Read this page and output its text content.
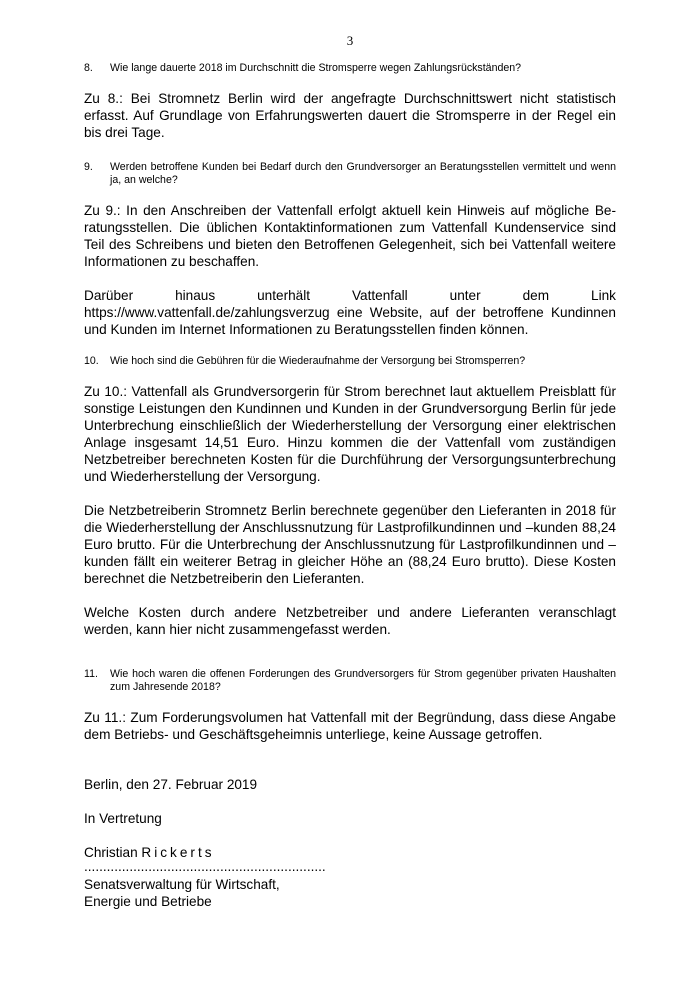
3
8.	Wie lange dauerte 2018 im Durchschnitt die Stromsperre wegen Zahlungsrückständen?

Zu 8.: Bei Stromnetz Berlin wird der angefragte Durchschnittswert nicht statistisch erfasst. Auf Grundlage von Erfahrungswerten dauert die Stromsperre in der Regel ein bis drei Tage.

9.	Werden betroffene Kunden bei Bedarf durch den Grundversorger an Beratungsstellen vermittelt und wenn ja, an welche?

Zu 9.: In den Anschreiben der Vattenfall erfolgt aktuell kein Hinweis auf mögliche Beratungsstellen. Die üblichen Kontaktinformationen zum Vattenfall Kundenservice sind Teil des Schreibens und bieten den Betroffenen Gelegenheit, sich bei Vattenfall weitere Informationen zu beschaffen.

Darüber	hinaus	unterhält	Vattenfall	unter	dem	Link
https://www.vattenfall.de/zahlungsverzug eine Website, auf der betroffene Kundinnen und Kunden im Internet Informationen zu Beratungsstellen finden können.
10.	Wie hoch sind die Gebühren für die Wiederaufnahme der Versorgung bei Stromsperren?

Zu 10.: Vattenfall als Grundversorgerin für Strom berechnet laut aktuellem Preisblatt für sonstige Leistungen den Kundinnen und Kunden in der Grundversorgung Berlin für jede Unterbrechung einschließlich der Wiederherstellung der Versorgung einer elektrischen Anlage insgesamt 14,51 Euro. Hinzu kommen die der Vattenfall vom zuständigen Netzbetreiber berechneten Kosten für die Durchführung der Versorgungsunterbrechung und Wiederherstellung der Versorgung.

Die Netzbetreiberin Stromnetz Berlin berechnete gegenüber den Lieferanten in 2018 für die Wiederherstellung der Anschlussnutzung für Lastprofilkundinnen und –kunden 88,24 Euro brutto. Für die Unterbrechung der Anschlussnutzung für Lastprofilkundinnen und –kunden fällt ein weiterer Betrag in gleicher Höhe an (88,24 Euro brutto). Diese Kosten berechnet die Netzbetreiberin den Lieferanten.

Welche Kosten durch andere Netzbetreiber und andere Lieferanten veranschlagt werden, kann hier nicht zusammengefasst werden.

11.	Wie hoch waren die offenen Forderungen des Grundversorgers für Strom gegenüber privaten Haushalten zum Jahresende 2018?

Zu 11.: Zum Forderungsvolumen hat Vattenfall mit der Begründung, dass diese Angabe dem Betriebs- und Geschäftsgeheimnis unterliege, keine Aussage getroffen.

Berlin, den 27. Februar 2019

In Vertretung

Christian Rickerts

................................................................

Senatsverwaltung für Wirtschaft,

Energie und Betriebe
